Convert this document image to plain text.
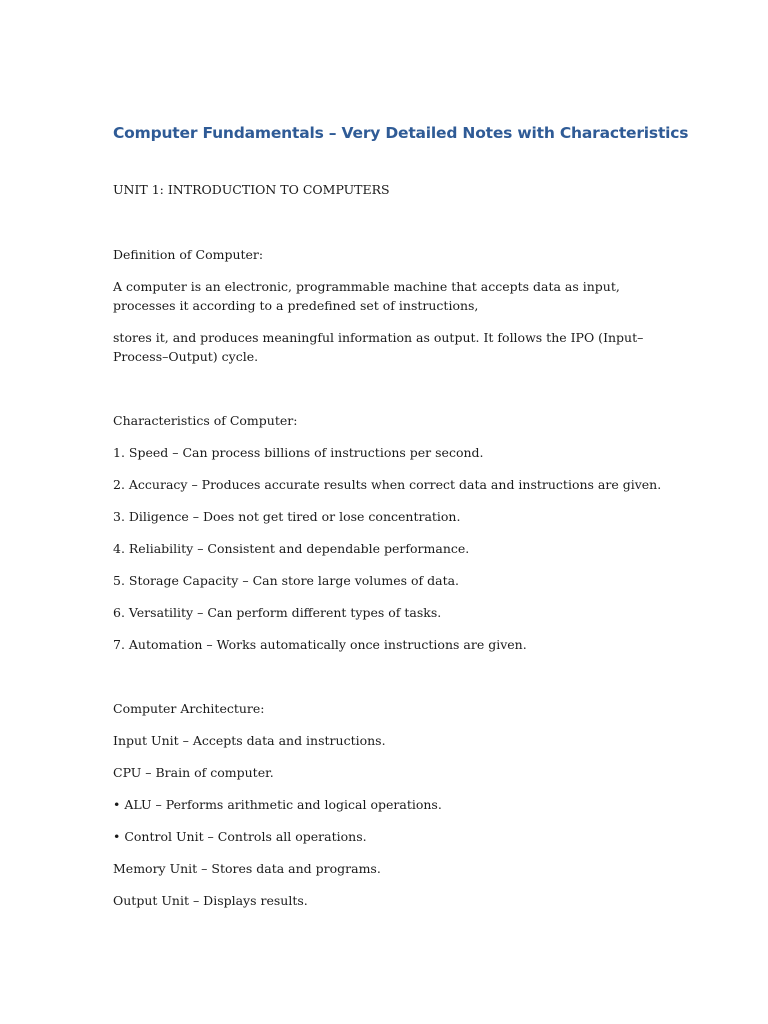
Computer Fundamentals – Very Detailed Notes with Characteristics

UNIT 1: INTRODUCTION TO COMPUTERS

Definition of Computer:

A computer is an electronic, programmable machine that accepts data as input, processes it according to a predefined set of instructions,

stores it, and produces meaningful information as output. It follows the IPO (Input–Process–Output) cycle.

Characteristics of Computer:

1. Speed – Can process billions of instructions per second.

2. Accuracy – Produces accurate results when correct data and instructions are given.

3. Diligence – Does not get tired or lose concentration.

4. Reliability – Consistent and dependable performance.

5. Storage Capacity – Can store large volumes of data.

6. Versatility – Can perform different types of tasks.

7. Automation – Works automatically once instructions are given.

Computer Architecture:

Input Unit – Accepts data and instructions.

CPU – Brain of computer.

• ALU – Performs arithmetic and logical operations.

• Control Unit – Controls all operations.

Memory Unit – Stores data and programs.

Output Unit – Displays results.
